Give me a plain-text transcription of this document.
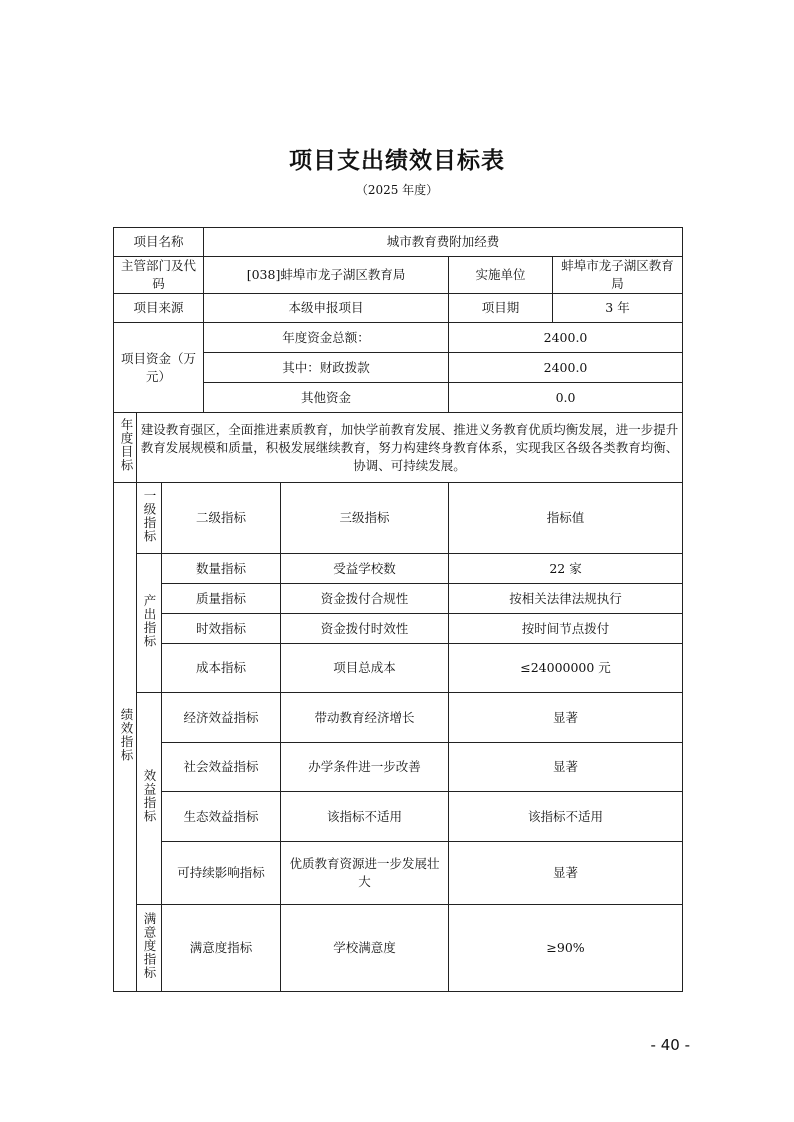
项目支出绩效目标表
（2025 年度）
项目名称			城市教育费附加经费			
主管部门及代码			[038]蚌埠市龙子湖区教育局		实施单位	蚌埠市龙子湖区教育局
项目来源			本级申报项目		项目期	3 年
项目资金（万元）			年度资金总额：		2400.0	
			其中：财政拨款		2400.0	
			其他资金		0.0	
年度目标	建设教育强区，全面推进素质教育，加快学前教育发展、推进义务教育优质均衡发展，进一步提升教育发展规模和质量，积极发展继续教育，努力构建终身教育体系，实现我区各级各类教育均衡、协调、可持续发展。					
绩效指标	一级指标	二级指标		三级指标	指标值	
	产出指标	数量指标		受益学校数	22 家	
		质量指标		资金拨付合规性	按相关法律法规执行	
		时效指标		资金拨付时效性	按时间节点拨付	
		成本指标		项目总成本	≤24000000 元	
	效益指标	经济效益指标		带动教育经济增长	显著	
		社会效益指标		办学条件进一步改善	显著	
		生态效益指标		该指标不适用	该指标不适用	
		可持续影响指标		优质教育资源进一步发展壮大	显著	
	满意度指标	满意度指标		学校满意度	≥90%	
- 40 -
